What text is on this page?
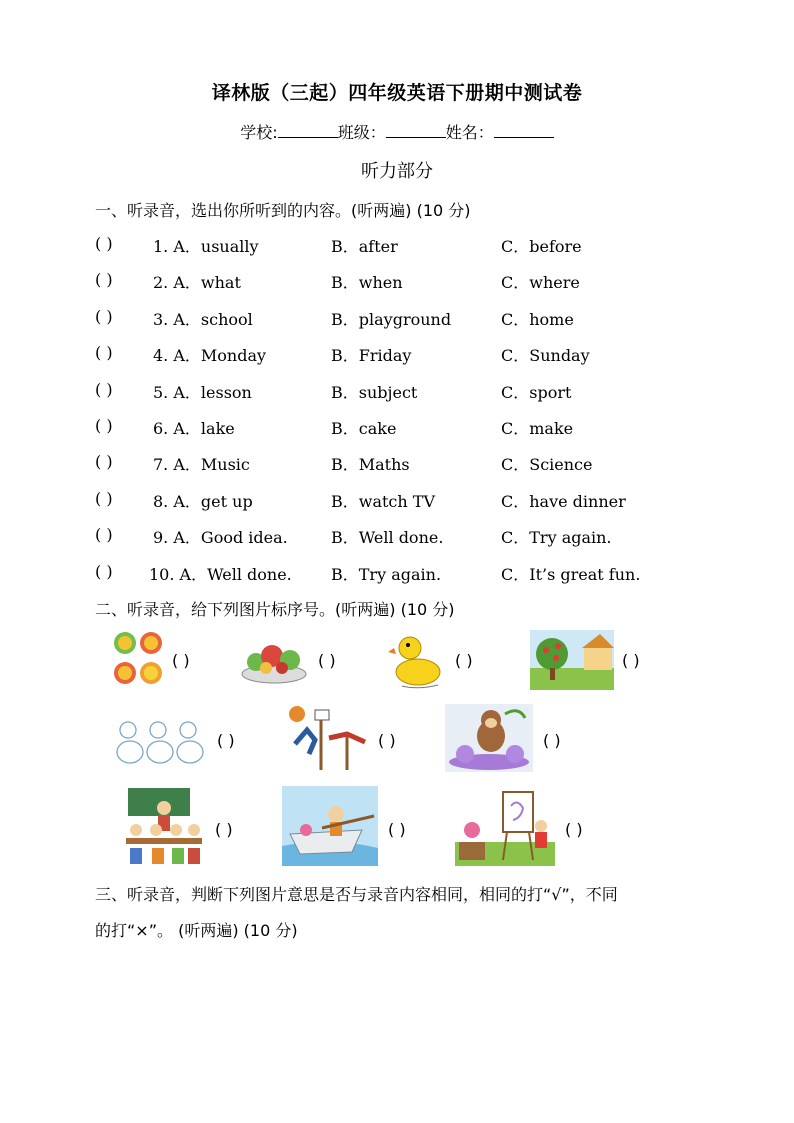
译林版（三起）四年级英语下册期中测试卷
学校:	班级：	姓名：
听力部分
一、听录音，选出你所听到的内容。(听两遍) (10 分)
( )	1. A．usually	B．after	C．before
( )	2. A．what	B．when	C．where
( )	3. A．school	B．playground	C．home
( )	4. A．Monday	B．Friday	C．Sunday
( )	5. A．lesson	B．subject	C．sport
( )	6. A．lake	B．cake	C．make
( )	7. A．Music	B．Maths	C．Science
( )	8. A．get up	B．watch TV	C．have dinner
( )	9. A．Good idea.	B．Well done.	C．Try again.
( ) 10. A．Well done. B．Try again.	C．It’s great fun.
二、听录音，给下列图片标序号。(听两遍) (10 分)
( )	( )	( )	( )
( )	( )	( )
( )	( )	( )
三、听录音，判断下列图片意思是否与录音内容相同，相同的打“√”，不同
的打“×”。 (听两遍) (10 分)
